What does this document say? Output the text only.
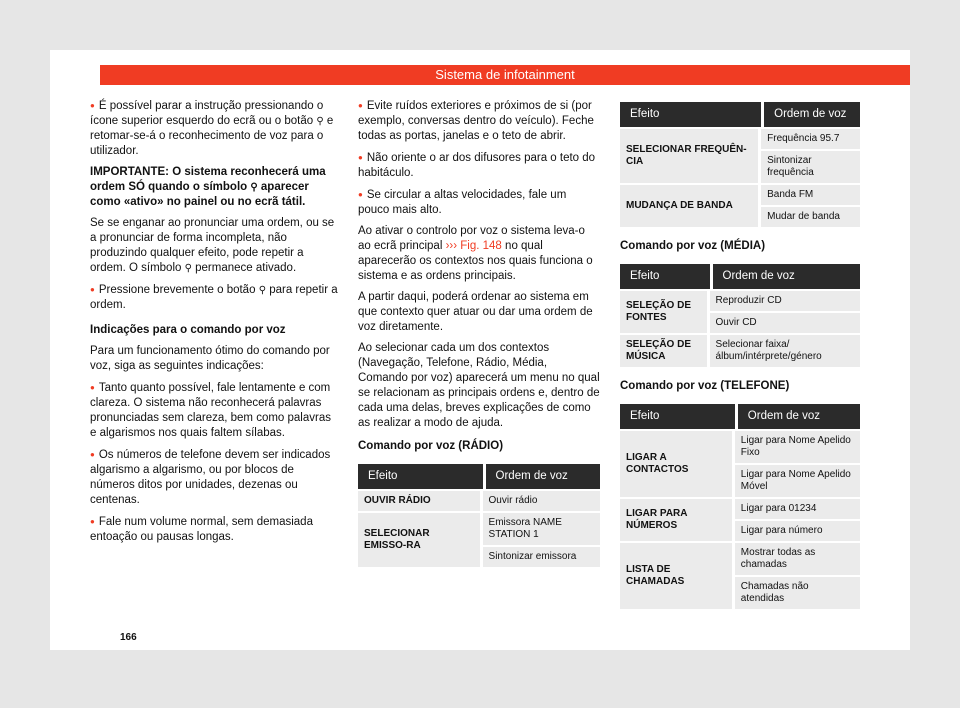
Sistema de infotainment

● É possível parar a instrução pressionando o ícone superior esquerdo do ecrã ou o botão ⚲ e retomar-se-á o reconhecimento de voz para o utilizador.

IMPORTANTE: O sistema reconhecerá uma ordem SÓ quando o símbolo ⚲ aparecer como «ativo» no painel ou no ecrã tátil.

Se se enganar ao pronunciar uma ordem, ou se a pronunciar de forma incompleta, não produzindo qualquer efeito, pode repetir a ordem. O símbolo ⚲ permanece ativado.

● Pressione brevemente o botão ⚲ para repetir a ordem.

Indicações para o comando por voz

Para um funcionamento ótimo do comando por voz, siga as seguintes indicações:

● Tanto quanto possível, fale lentamente e com clareza. O sistema não reconhecerá palavras pronunciadas sem clareza, bem como palavras e algarismos nos quais faltem sílabas.

● Os números de telefone devem ser indicados algarismo a algarismo, ou por blocos de números ditos por unidades, dezenas ou centenas.

● Fale num volume normal, sem demasiada entoação ou pausas longas.

● Evite ruídos exteriores e próximos de si (por exemplo, conversas dentro do veículo). Feche todas as portas, janelas e o teto de abrir.

● Não oriente o ar dos difusores para o teto do habitáculo.

● Se circular a altas velocidades, fale um pouco mais alto.

Ao ativar o controlo por voz o sistema leva-o ao ecrã principal ››› Fig. 148 no qual aparecerão os contextos nos quais funciona o sistema e as ordens principais.

A partir daqui, poderá ordenar ao sistema em que contexto quer atuar ou dar uma ordem de voz diretamente.

Ao selecionar cada um dos contextos (Navegação, Telefone, Rádio, Média, Comando por voz) aparecerá um menu no qual se relacionam as principais ordens e, dentro de cada uma delas, breves explicações de como as realizar a modo de ajuda.

Comando por voz (RÁDIO)
Efeito	Ordem de voz
OUVIR RÁDIO	Ouvir rádio
SELECIONAR EMISSO-RA	Emissora NAME STATION 1
	Sintonizar emissora
Efeito	Ordem de voz
SELECIONAR FREQUÊN-CIA	Frequência 95.7
	Sintonizar frequência
MUDANÇA DE BANDA	Banda FM
	Mudar de banda
Comando por voz (MÉDIA)
Efeito	Ordem de voz
SELEÇÃO DE FONTES	Reproduzir CD
	Ouvir CD
SELEÇÃO DE MÚSICA	Selecionar faixa/álbum/intérprete/género
Comando por voz (TELEFONE)
Efeito	Ordem de voz
LIGAR A CONTACTOS	Ligar para Nome Apelido Fixo
	Ligar para Nome Apelido Móvel
LIGAR PARA NÚMEROS	Ligar para 01234
	Ligar para número
LISTA DE CHAMADAS	Mostrar todas as chamadas
	Chamadas não atendidas
166
